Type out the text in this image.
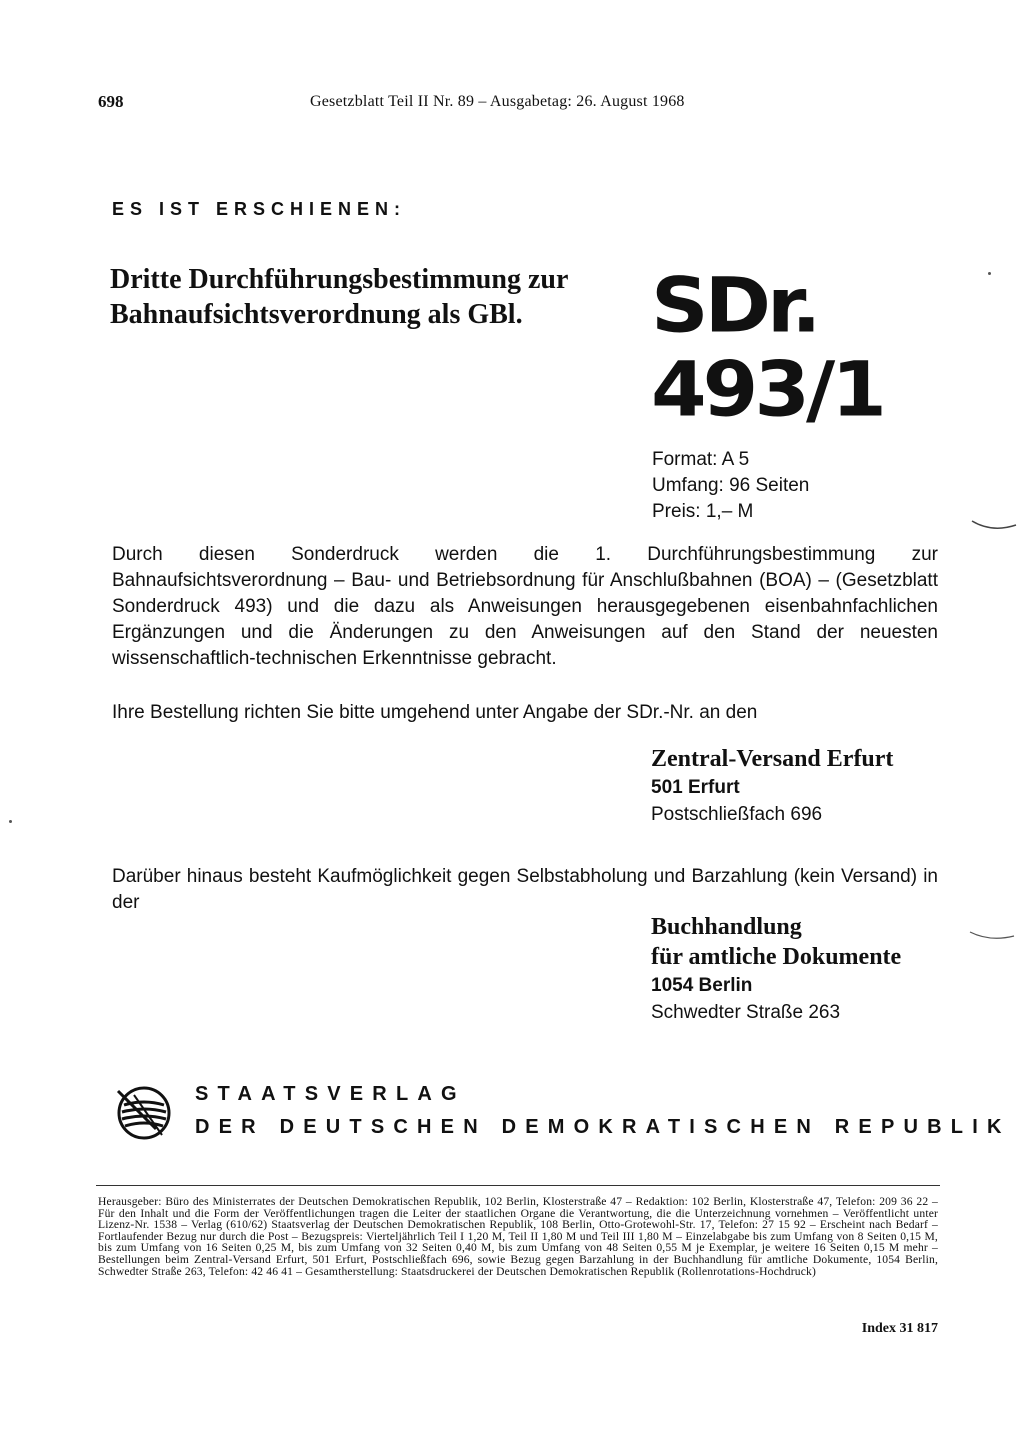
698	Gesetzblatt Teil II Nr. 89 – Ausgabetag: 26. August 1968
ES IST ERSCHIENEN:
Dritte Durchführungsbestimmung zur
Bahnaufsichtsverordnung als GBl.	SDr.
493/1
Format: A 5
Umfang: 96 Seiten
Preis: 1,– M
Durch diesen Sonderdruck werden die 1. Durchführungsbestimmung zur Bahnaufsichtsverordnung – Bau- und Betriebsordnung für Anschlußbahnen (BOA) – (Gesetzblatt Sonderdruck 493) und die dazu als Anweisungen herausgegebenen eisenbahnfachlichen Ergänzungen und die Änderungen zu den Anweisungen auf den Stand der neuesten wissenschaftlich-technischen Erkenntnisse gebracht.
Ihre Bestellung richten Sie bitte umgehend unter Angabe der SDr.-Nr. an den
Zentral-Versand Erfurt
501 Erfurt
Postschließfach 696
Darüber hinaus besteht Kaufmöglichkeit gegen Selbstabholung und Barzahlung (kein Versand) in der
Buchhandlung
für amtliche Dokumente
1054 Berlin
Schwedter Straße 263
STAATSVERLAG
DER DEUTSCHEN DEMOKRATISCHEN REPUBLIK
Herausgeber: Büro des Ministerrates der Deutschen Demokratischen Republik, 102 Berlin, Klosterstraße 47 – Redaktion: 102 Berlin, Klosterstraße 47, Telefon: 209 36 22 – Für den Inhalt und die Form der Veröffentlichungen tragen die Leiter der staatlichen Organe die Verantwortung, die die Unterzeichnung vornehmen – Veröffentlicht unter Lizenz-Nr. 1538 – Verlag (610/62) Staatsverlag der Deutschen Demokratischen Republik, 108 Berlin, Otto-Grotewohl-Str. 17, Telefon: 27 15 92 – Erscheint nach Bedarf – Fortlaufender Bezug nur durch die Post – Bezugspreis: Vierteljährlich Teil I 1,20 M, Teil II 1,80 M und Teil III 1,80 M – Einzelabgabe bis zum Umfang von 8 Seiten 0,15 M, bis zum Umfang von 16 Seiten 0,25 M, bis zum Umfang von 32 Seiten 0,40 M, bis zum Umfang von 48 Seiten 0,55 M je Exemplar, je weitere 16 Seiten 0,15 M mehr – Bestellungen beim Zentral-Versand Erfurt, 501 Erfurt, Postschließfach 696, sowie Bezug gegen Barzahlung in der Buchhandlung für amtliche Dokumente, 1054 Berlin, Schwedter Straße 263, Telefon: 42 46 41 – Gesamtherstellung: Staatsdruckerei der Deutschen Demokratischen Republik (Rollenrotations-Hochdruck)
Index 31 817
